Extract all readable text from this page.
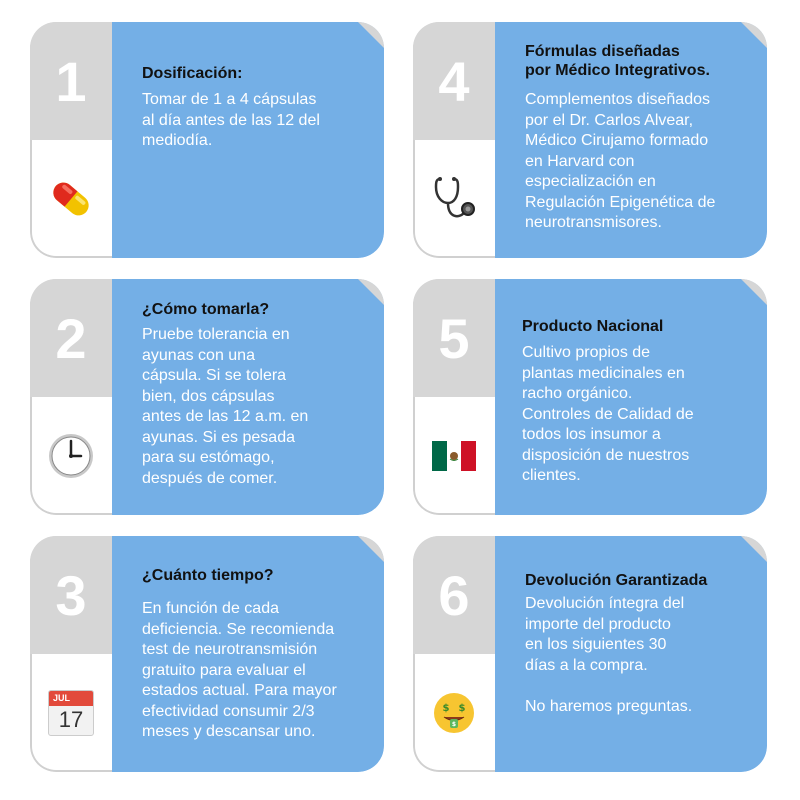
1	Dosificación:
Tomar de 1 a 4 cápsulas
al día antes de las 12 del
mediodía.
2	¿Cómo tomarla?
Pruebe tolerancia en
ayunas con una
cápsula. Si se tolera
bien, dos cápsulas
antes de las 12 a.m. en
ayunas. Si es pesada
para su estómago,
después de comer.
3
JUL
17
¿Cuánto tiempo?
En función de cada
deficiencia. Se recomienda
test de neurotransmisión
gratuito para evaluar el
estados actual. Para mayor
efectividad consumir 2/3
meses y descansar uno.
4	Fórmulas diseñadas
por Médico Integrativos.
Complementos diseñados
por el Dr. Carlos Alvear,
Médico Cirujamo formado
en Harvard con
especialización en
Regulación Epigenética de
neurotransmisores.
5	Producto Nacional
Cultivo propios de
plantas medicinales en
racho orgánico.
Controles de Calidad de
todos los insumor a
disposición de nuestros
clientes.
6
$ $
$
Devolución Garantizada
Devolución íntegra del
importe del producto
en los siguientes 30
días a la compra.

No haremos preguntas.
